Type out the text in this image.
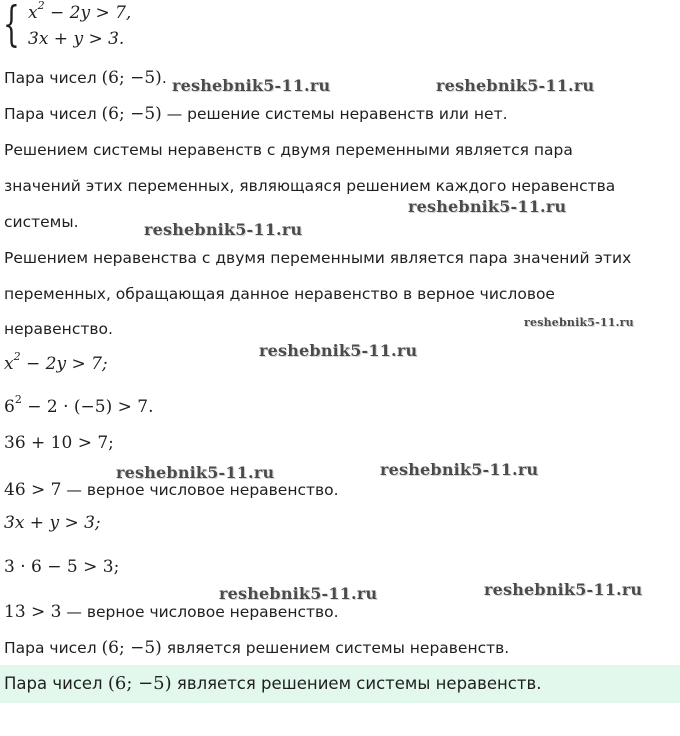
{ $x^2 - 2y > 7$,
3x + y > 3.
Пара чисел (6; −5).
Пара чисел (6; −5) — решение системы неравенств или нет.
Решением системы неравенств с двумя переменными является пара
значений этих переменных, являющаяся решением каждого неравенства
системы.
Решением неравенства с двумя переменными является пара значений этих
переменных, обращающая данное неравенство в верное числовое
неравенство.
$x^2 - 2y > 7$;
$6^2 - 2 \cdot (-5) > 7$.
36 + 10 > 7;
46 > 7 — верное числовое неравенство.
3x + y > 3;
3 · 6 − 5 > 3;
13 > 3 — верное числовое неравенство.
Пара чисел (6; −5) является решением системы неравенств.
Пара чисел (6; −5) является решением системы неравенств.
reshebnik5-11.ru	reshebnik5-11.ru
reshebnik5-11.ru
reshebnik5-11.ru
reshebnik5-11.ru
reshebnik5-11.ru
reshebnik5-11.ru	reshebnik5-11.ru
reshebnik5-11.ru	reshebnik5-11.ru
